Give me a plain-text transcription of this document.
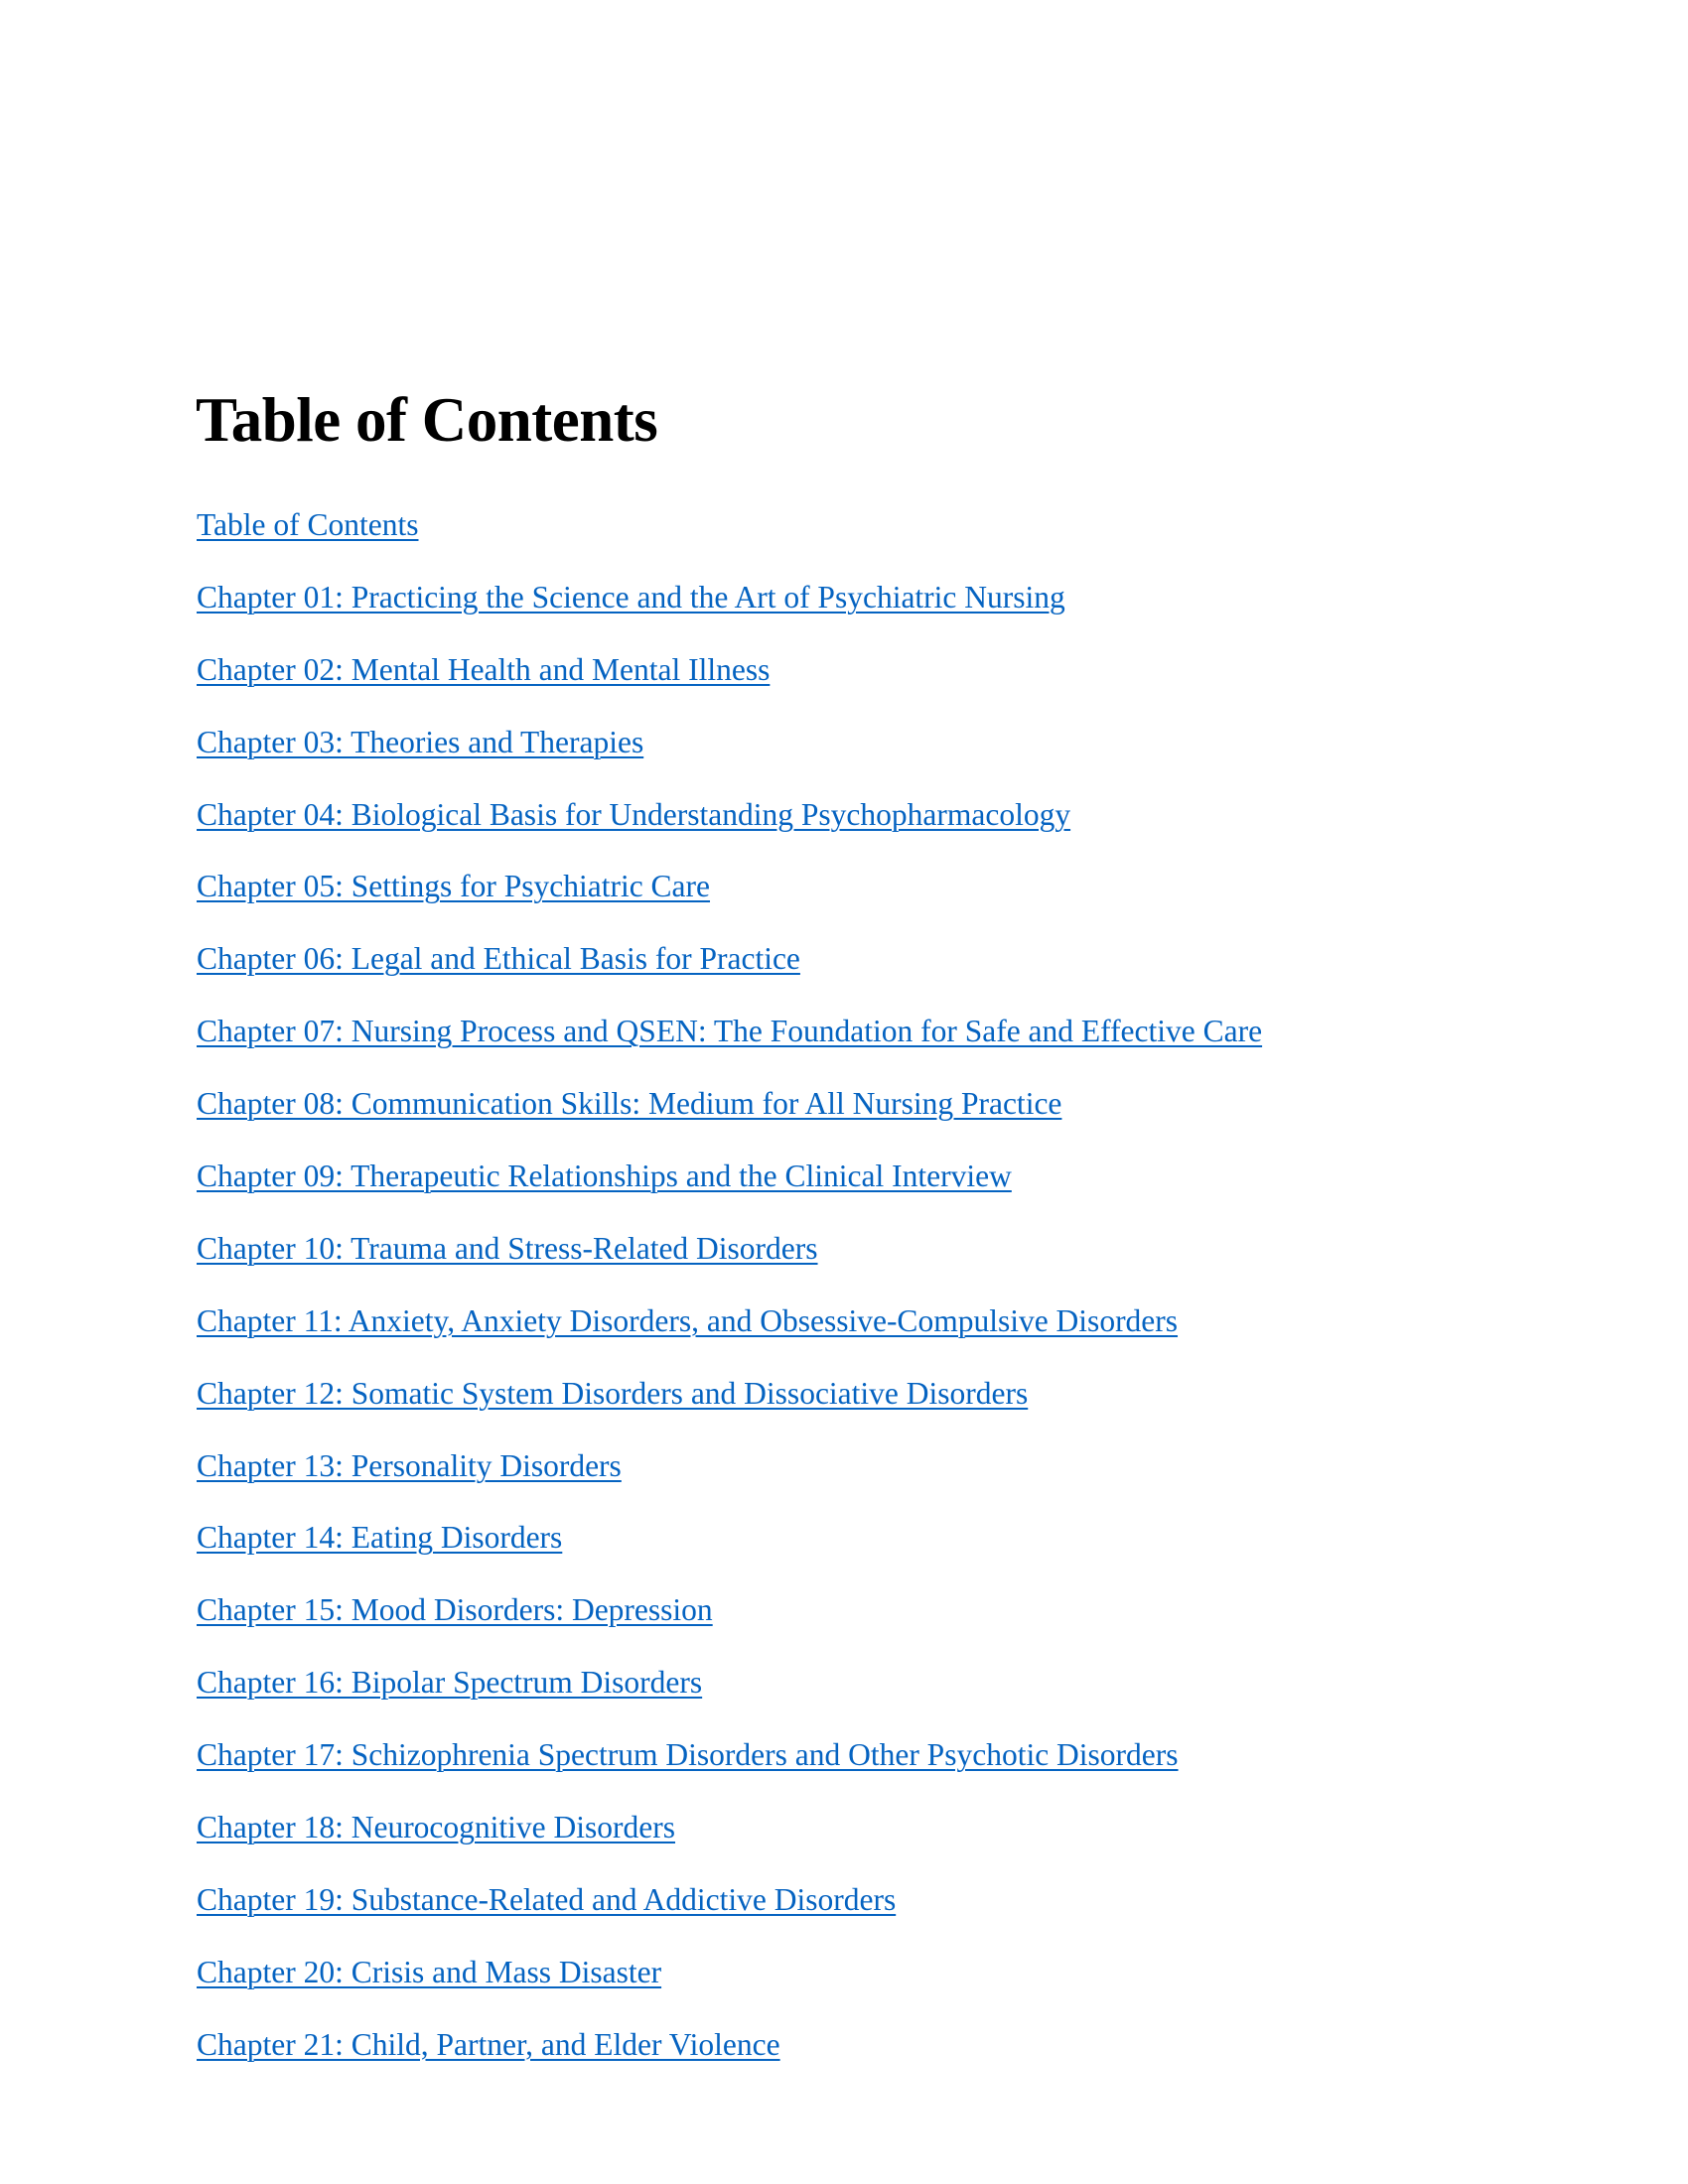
Table of Contents
Table of Contents
Chapter 01: Practicing the Science and the Art of Psychiatric Nursing
Chapter 02: Mental Health and Mental Illness
Chapter 03: Theories and Therapies
Chapter 04: Biological Basis for Understanding Psychopharmacology
Chapter 05: Settings for Psychiatric Care
Chapter 06: Legal and Ethical Basis for Practice
Chapter 07: Nursing Process and QSEN: The Foundation for Safe and Effective Care
Chapter 08: Communication Skills: Medium for All Nursing Practice
Chapter 09: Therapeutic Relationships and the Clinical Interview
Chapter 10: Trauma and Stress-Related Disorders
Chapter 11: Anxiety, Anxiety Disorders, and Obsessive-Compulsive Disorders
Chapter 12: Somatic System Disorders and Dissociative Disorders
Chapter 13: Personality Disorders
Chapter 14: Eating Disorders
Chapter 15: Mood Disorders: Depression
Chapter 16: Bipolar Spectrum Disorders
Chapter 17: Schizophrenia Spectrum Disorders and Other Psychotic Disorders
Chapter 18: Neurocognitive Disorders
Chapter 19: Substance-Related and Addictive Disorders
Chapter 20: Crisis and Mass Disaster
Chapter 21: Child, Partner, and Elder Violence
